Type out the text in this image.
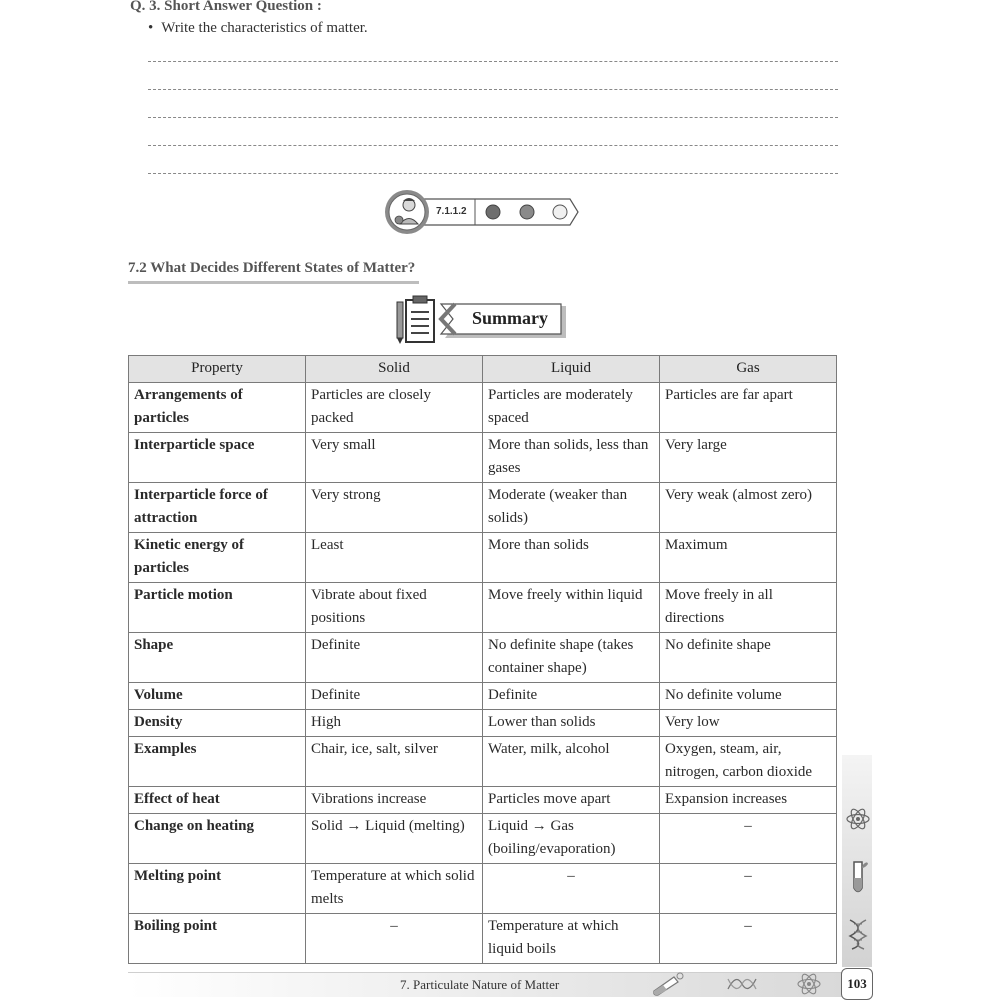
Q. 3. Short Answer Question :
• Write the characteristics of matter.
7.1.1.2
7.2 What Decides Different States of Matter?
Summary
Property	Solid	Liquid	Gas
Arrangements of particles	Particles are closely packed	Particles are moderately spaced	Particles are far apart
Interparticle space	Very small	More than solids, less than gases	Very large
Interparticle force of attraction	Very strong	Moderate (weaker than solids)	Very weak (almost zero)
Kinetic energy of particles	Least	More than solids	Maximum
Particle motion	Vibrate about fixed positions	Move freely within liquid	Move freely in all directions
Shape	Definite	No definite shape (takes container shape)	No definite shape
Volume	Definite	Definite	No definite volume
Density	High	Lower than solids	Very low
Examples	Chair, ice, salt, silver	Water, milk, alcohol	Oxygen, steam, air, nitrogen, carbon dioxide
Effect of heat	Vibrations increase	Particles move apart	Expansion increases
Change on heating	Solid → Liquid (melting)	Liquid → Gas (boiling/evaporation)	–
Melting point	Temperature at which solid melts	–	–
Boiling point	–	Temperature at which liquid boils	–
7. Particulate Nature of Matter	103
